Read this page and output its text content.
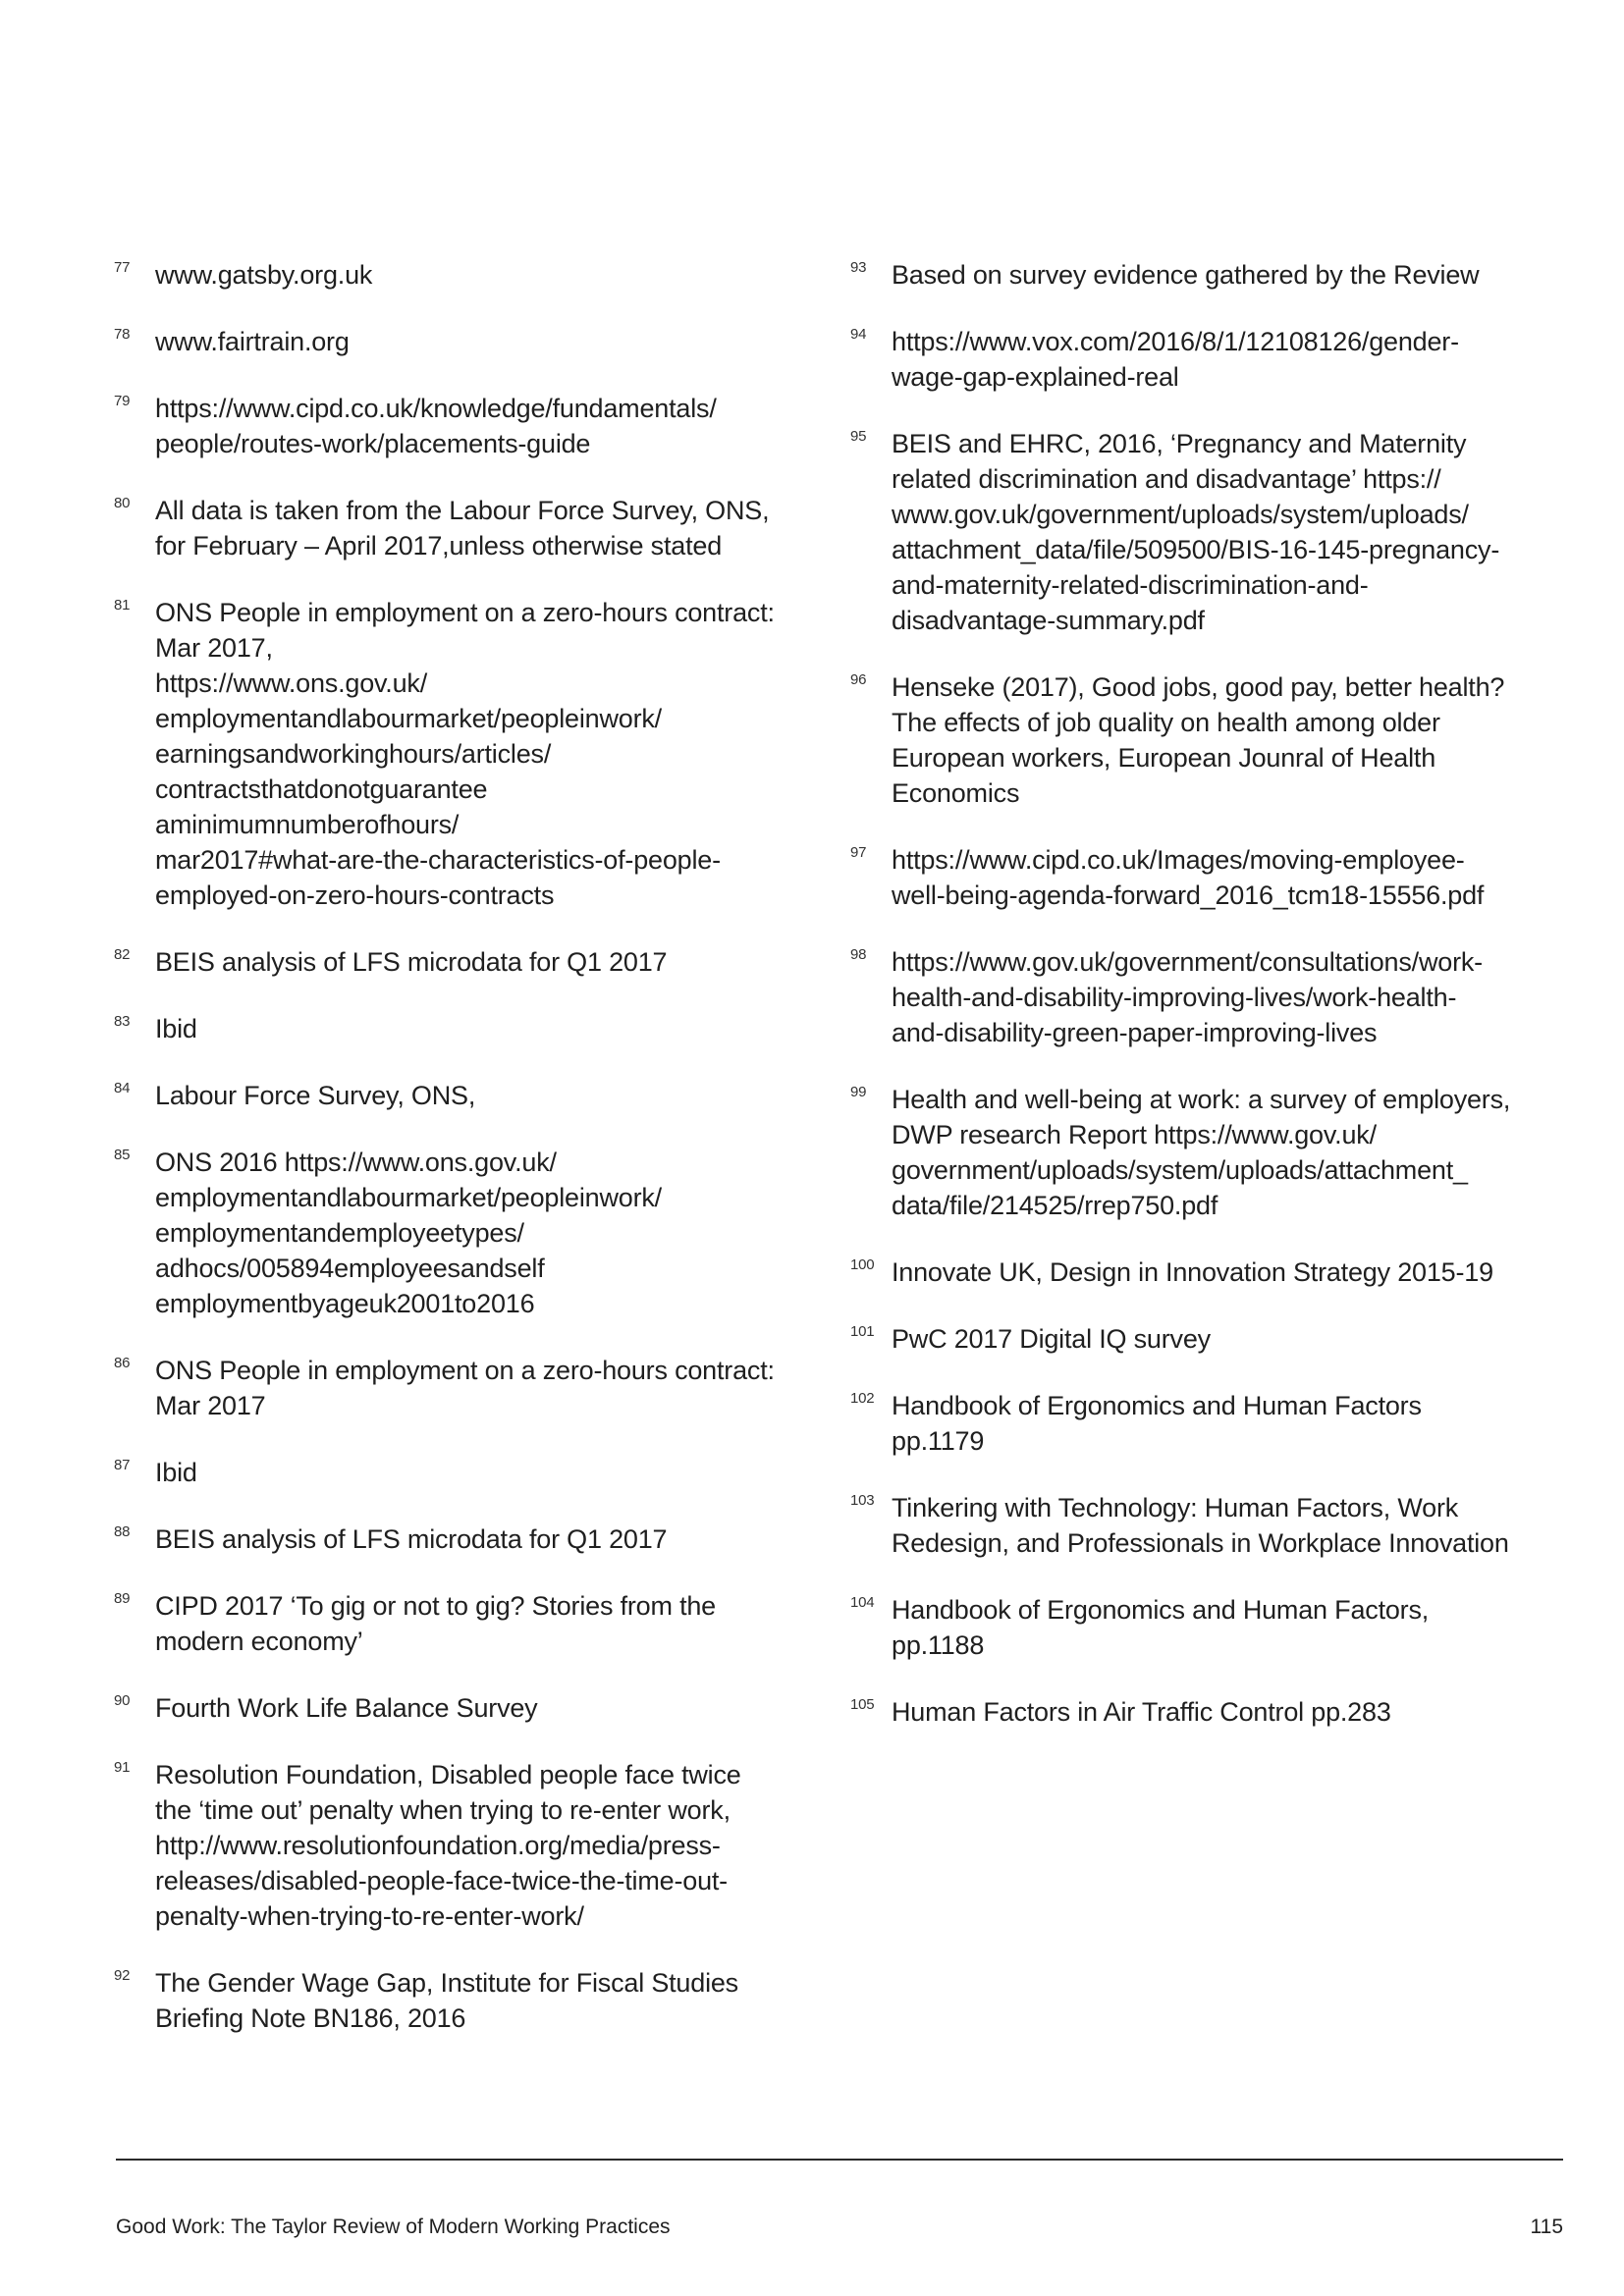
77 www.gatsby.org.uk
78 www.fairtrain.org
79 https://www.cipd.co.uk/knowledge/fundamentals/
people/routes-work/placements-guide
80 All data is taken from the Labour Force Survey, ONS,
for February – April 2017,unless otherwise stated
81 ONS People in employment on a zero-hours contract:
Mar 2017,
https://www.ons.gov.uk/
employmentandlabourmarket/peopleinwork/
earningsandworkinghours/articles/
contractsthatdonotguarantee
aminimumnumberofhours/
mar2017#what-are-the-characteristics-of-people-
employed-on-zero-hours-contracts
82 BEIS analysis of LFS microdata for Q1 2017
83 Ibid
84 Labour Force Survey, ONS,
85 ONS 2016 https://www.ons.gov.uk/
employmentandlabourmarket/peopleinwork/
employmentandemployeetypes/
adhocs/005894employeesandself
employmentbyageuk2001to2016
86 ONS People in employment on a zero-hours contract:
Mar 2017
87 Ibid
88 BEIS analysis of LFS microdata for Q1 2017
89 CIPD 2017 ‘To gig or not to gig? Stories from the
modern economy’
90 Fourth Work Life Balance Survey
91 Resolution Foundation, Disabled people face twice
the ‘time out’ penalty when trying to re-enter work,
http://www.resolutionfoundation.org/media/press-
releases/disabled-people-face-twice-the-time-out-
penalty-when-trying-to-re-enter-work/
92 The Gender Wage Gap, Institute for Fiscal Studies
Briefing Note BN186, 2016
93 Based on survey evidence gathered by the Review
94 https://www.vox.com/2016/8/1/12108126/gender-
wage-gap-explained-real
95 BEIS and EHRC, 2016, ‘Pregnancy and Maternity
related discrimination and disadvantage’ https://
www.gov.uk/government/uploads/system/uploads/
attachment_data/file/509500/BIS-16-145-pregnancy-
and-maternity-related-discrimination-and-
disadvantage-summary.pdf
96 Henseke (2017), Good jobs, good pay, better health?
The effects of job quality on health among older
European workers, European Jounral of Health
Economics
97 https://www.cipd.co.uk/Images/moving-employee-
well-being-agenda-forward_2016_tcm18-15556.pdf
98 https://www.gov.uk/government/consultations/work-
health-and-disability-improving-lives/work-health-
and-disability-green-paper-improving-lives
99 Health and well-being at work: a survey of employers,
DWP research Report https://www.gov.uk/
government/uploads/system/uploads/attachment_
data/file/214525/rrep750.pdf
100 Innovate UK, Design in Innovation Strategy 2015-19
101 PwC 2017 Digital IQ survey
102 Handbook of Ergonomics and Human Factors
pp.1179
103 Tinkering with Technology: Human Factors, Work
Redesign, and Professionals in Workplace Innovation
104 Handbook of Ergonomics and Human Factors,
pp.1188
105 Human Factors in Air Traffic Control pp.283
Good Work: The Taylor Review of Modern Working Practices	115
